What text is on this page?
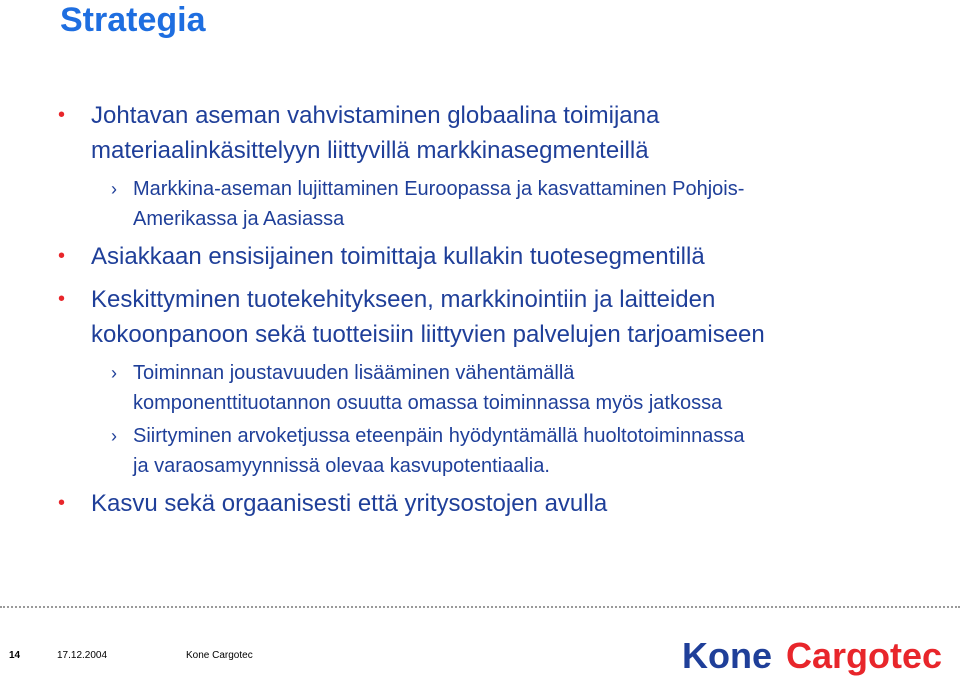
Strategia
•	Johtavan aseman vahvistaminen globaalina toimijana
materiaalinkäsittelyyn liittyvillä markkinasegmenteillä
› Markkina-aseman lujittaminen Euroopassa ja kasvattaminen Pohjois-
Amerikassa ja Aasiassa
•	Asiakkaan ensisijainen toimittaja kullakin tuotesegmentillä
•	Keskittyminen tuotekehitykseen, markkinointiin ja laitteiden
kokoonpanoon sekä tuotteisiin liittyvien palvelujen tarjoamiseen
› Toiminnan joustavuuden lisääminen vähentämällä
komponenttituotannon osuutta omassa toiminnassa myös jatkossa
› Siirtyminen arvoketjussa eteenpäin hyödyntämällä huoltotoiminnassa
ja varaosamyynnissä olevaa kasvupotentiaalia.
•	Kasvu sekä orgaanisesti että yritysostojen avulla
14	17.12.2004	Kone Cargotec	Kone Cargotec
